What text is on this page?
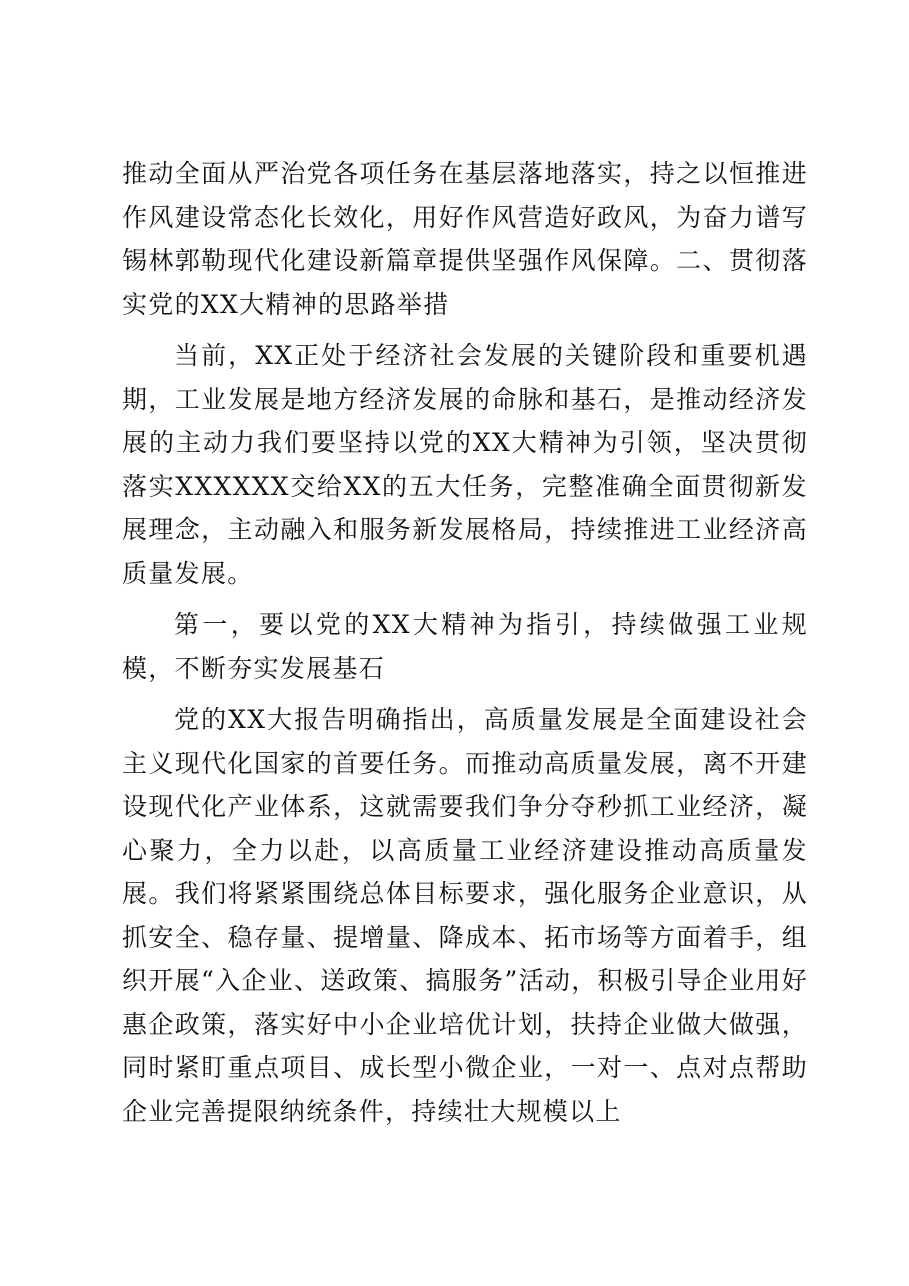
推动全面从严治党各项任务在基层落地落实，持之以恒推进作风建设常态化长效化，用好作风营造好政风，为奋力谱写锡林郭勒现代化建设新篇章提供坚强作风保障。二、贯彻落实党的XX大精神的思路举措

当前，XX正处于经济社会发展的关键阶段和重要机遇期，工业发展是地方经济发展的命脉和基石，是推动经济发展的主动力我们要坚持以党的XX大精神为引领，坚决贯彻落实XXXXXX交给XX的五大任务，完整准确全面贯彻新发展理念，主动融入和服务新发展格局，持续推进工业经济高质量发展。

第一，要以党的XX大精神为指引，持续做强工业规模，不断夯实发展基石

党的XX大报告明确指出，高质量发展是全面建设社会主义现代化国家的首要任务。而推动高质量发展，离不开建设现代化产业体系，这就需要我们争分夺秒抓工业经济，凝心聚力，全力以赴，以高质量工业经济建设推动高质量发展。我们将紧紧围绕总体目标要求，强化服务企业意识，从抓安全、稳存量、提增量、降成本、拓市场等方面着手，组织开展“入企业、送政策、搞服务”活动，积极引导企业用好惠企政策，落实好中小企业培优计划，扶持企业做大做强，同时紧盯重点项目、成长型小微企业，一对一、点对点帮助企业完善提限纳统条件，持续壮大规模以上
